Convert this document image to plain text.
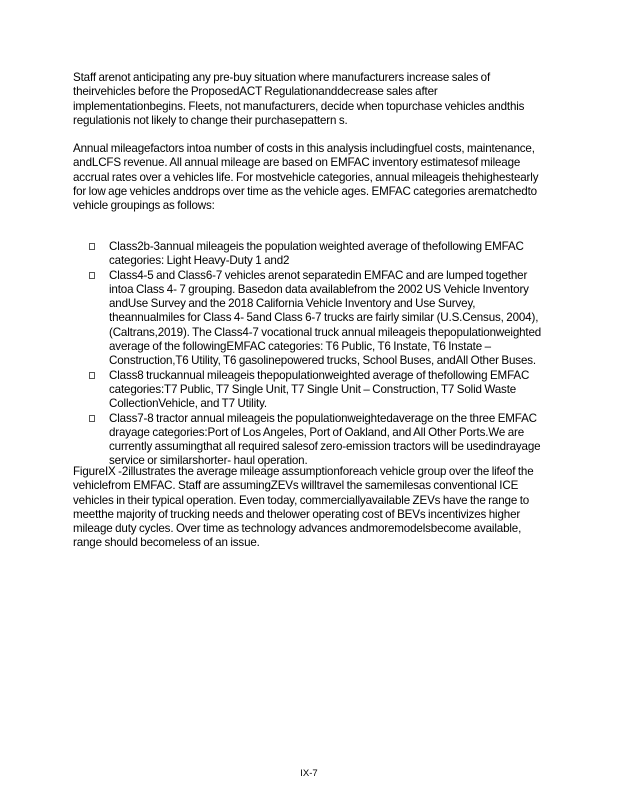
Staff arenot anticipating any pre-buy situation where manufacturers increase sales of theirvehicles before the ProposedACT Regulationanddecrease sales after implementationbegins. Fleets, not manufacturers, decide when topurchase vehicles andthis regulationis not likely to change their purchasepattern s.
Annual mileagefactors intoa number of costs in this analysis includingfuel costs, maintenance, andLCFS revenue. All annual mileage are based on EMFAC inventory estimatesof mileage accrual rates over a vehicles life. For mostvehicle categories, annual mileageis thehighestearly for low age vehicles anddrops over time as the vehicle ages. EMFAC categories arematchedto vehicle groupings as follows:
Class2b-3annual mileageis the population weighted average of thefollowing EMFAC categories: Light Heavy-Duty 1 and2
Class4-5 and Class6-7 vehicles arenot separatedin EMFAC and are lumped together intoa Class 4- 7 grouping. Basedon data availablefrom the 2002 US Vehicle Inventory andUse Survey and the 2018 California Vehicle Inventory and Use Survey, theannualmiles for Class 4- 5and Class 6-7 trucks are fairly similar (U.S.Census, 2004), (Caltrans,2019). The Class4-7 vocational truck annual mileageis thepopulationweighted average of the followingEMFAC categories: T6 Public, T6 Instate, T6 Instate – Construction,T6 Utility, T6 gasolinepowered trucks, School Buses, andAll Other Buses.
Class8 truckannual mileageis thepopulationweighted average of thefollowing EMFAC categories:T7 Public, T7 Single Unit, T7 Single Unit – Construction, T7 Solid Waste CollectionVehicle, and T7 Utility.
Class7-8 tractor annual mileageis the populationweightedaverage on the three EMFAC drayage categories:Port of Los Angeles, Port of Oakland, and All Other Ports.We are currently assumingthat all required salesof zero-emission tractors will be usedindrayage service or similarshorter- haul operation.
FigureIX -2illustrates the average mileage assumptionforeach vehicle group over the lifeof the vehiclefrom EMFAC. Staff are assumingZEVs willtravel the samemilesas conventional ICE vehicles in their typical operation. Even today, commerciallyavailable ZEVs have the range to meetthe majority of trucking needs and thelower operating cost of BEVs incentivizes higher mileage duty cycles. Over time as technology advances andmoremodelsbecome available, range should becomeless of an issue.
IX-7
